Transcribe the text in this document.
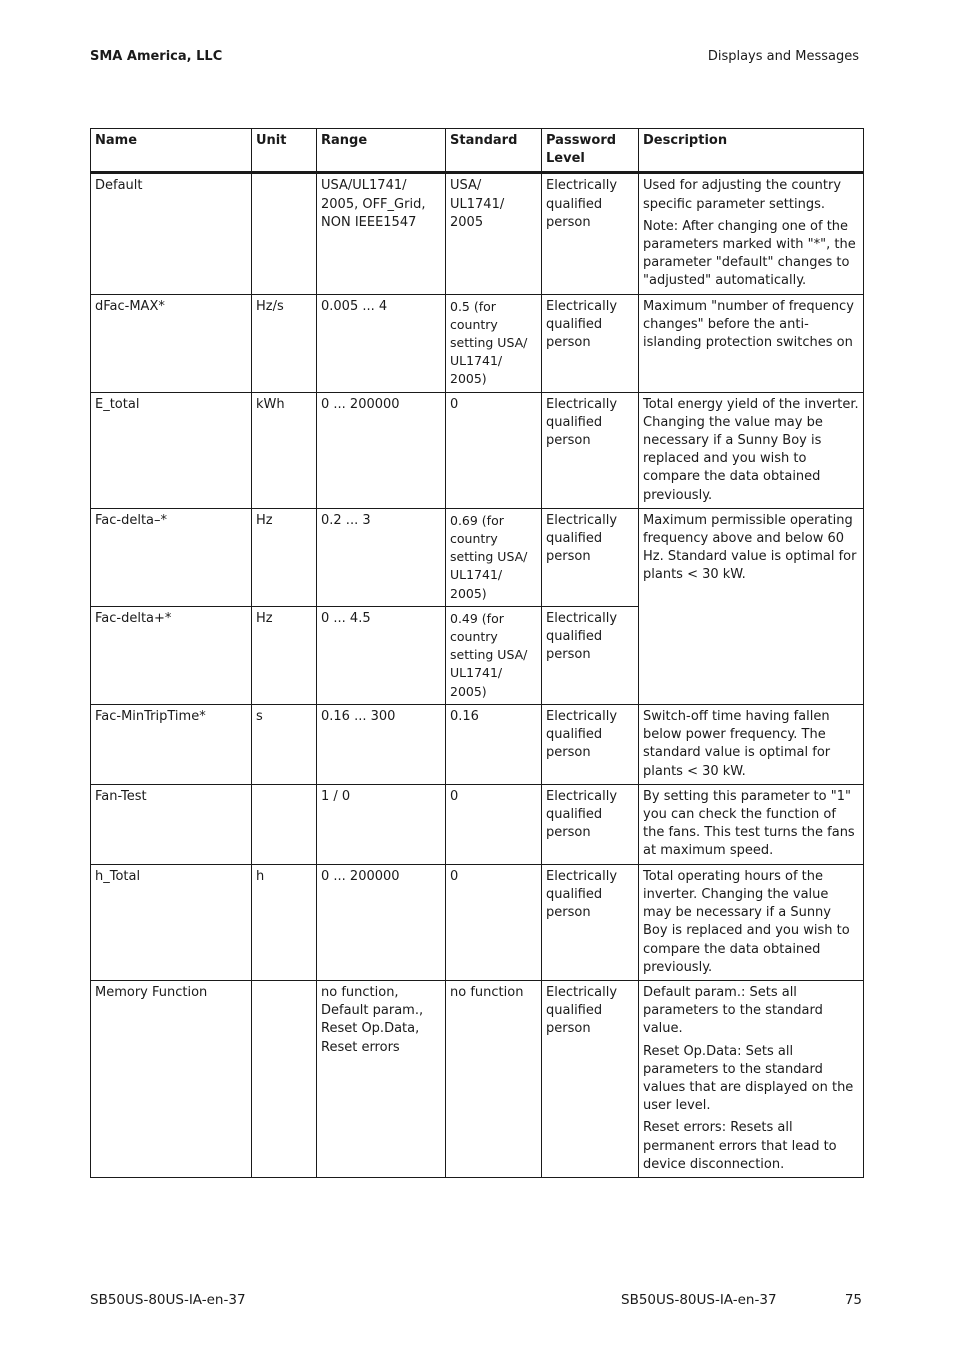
SMA America, LLC	Displays and Messages
Name	Unit	Range	Standard	Password Level	Description
Default		USA/UL1741/ 2005, OFF_Grid, NON IEEE1547	USA/ UL1741/ 2005	Electrically qualified person	Used for adjusting the country specific parameter settings.

Note: After changing one of the parameters marked with "*", the parameter "default" changes to "adjusted" automatically.

dFac-MAX*	Hz/s	0.005 ... 4	0.5 (for country setting USA/ UL1741/ 2005)	Electrically qualified person	Maximum "number of frequency changes" before the anti-islanding protection switches on

E_total	kWh	0 ... 200000	0	Electrically qualified person	Total energy yield of the inverter. Changing the value may be necessary if a Sunny Boy is replaced and you wish to compare the data obtained previously.

Fac-delta–*	Hz	0.2 ... 3	0.69 (for country setting USA/ UL1741/ 2005)	Electrically qualified person	Maximum permissible operating frequency above and below 60 Hz. Standard value is optimal for plants < 30 kW.

Fac-delta+*	Hz	0 ... 4.5	0.49 (for country setting USA/ UL1741/ 2005)	Electrically qualified person	
Fac-MinTripTime*	s	0.16 ... 300	0.16	Electrically qualified person	Switch-off time having fallen below power frequency. The standard value is optimal for plants < 30 kW.

Fan-Test		1 / 0	0	Electrically qualified person	By setting this parameter to "1" you can check the function of the fans. This test turns the fans at maximum speed.

h_Total	h	0 ... 200000	0	Electrically qualified person	Total operating hours of the inverter. Changing the value may be necessary if a Sunny Boy is replaced and you wish to compare the data obtained previously.

Memory Function		no function, Default param., Reset Op.Data, Reset errors	no function	Electrically qualified person	Default param.: Sets all parameters to the standard value.

Reset Op.Data: Sets all parameters to the standard values that are displayed on the user level.

Reset errors: Resets all permanent errors that lead to device disconnection.

SB50US-80US-IA-en-37	SB50US-80US-IA-en-37	75
